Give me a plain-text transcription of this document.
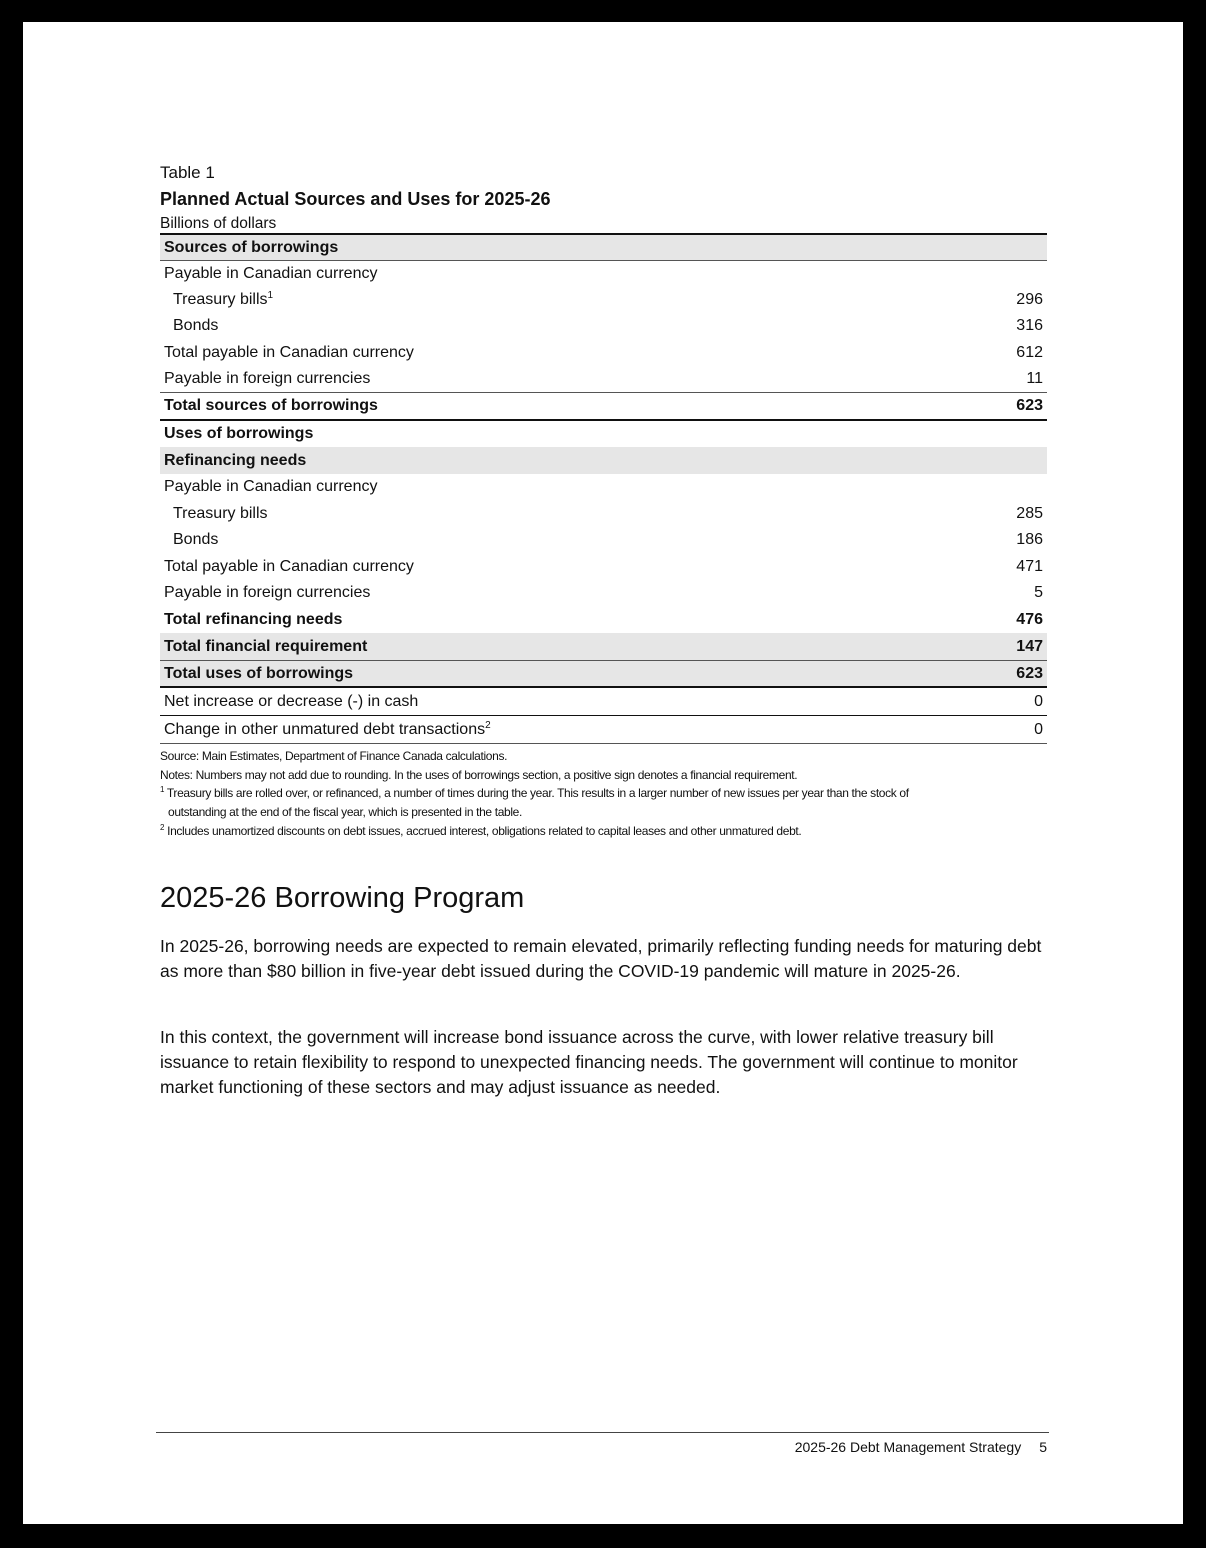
Table 1
Planned Actual Sources and Uses for 2025-26
Billions of dollars
Sources of borrowings
Payable in Canadian currency
Treasury bills$^1$	296
Bonds	316
Total payable in Canadian currency	612
Payable in foreign currencies	11
Total sources of borrowings	623
Uses of borrowings
Refinancing needs
Payable in Canadian currency
Treasury bills	285
Bonds	186
Total payable in Canadian currency	471
Payable in foreign currencies	5
Total refinancing needs	476
Total financial requirement	147
Total uses of borrowings	623
Net increase or decrease (-) in cash	0
Change in other unmatured debt transactions$^2$	0
Source: Main Estimates, Department of Finance Canada calculations.
Notes: Numbers may not add due to rounding. In the uses of borrowings section, a positive sign denotes a financial requirement.
$^1$ Treasury bills are rolled over, or refinanced, a number of times during the year. This results in a larger number of new issues per year than the stock of
outstanding at the end of the fiscal year, which is presented in the table.
$^2$ Includes unamortized discounts on debt issues, accrued interest, obligations related to capital leases and other unmatured debt.
2025-26 Borrowing Program

In 2025-26, borrowing needs are expected to remain elevated, primarily reflecting funding needs for maturing debt as more than $80 billion in five-year debt issued during the COVID-19 pandemic will mature in 2025-26.

In this context, the government will increase bond issuance across the curve, with lower relative treasury bill issuance to retain flexibility to respond to unexpected financing needs. The government will continue to monitor market functioning of these sectors and may adjust issuance as needed.

2025-26 Debt Management Strategy 5
